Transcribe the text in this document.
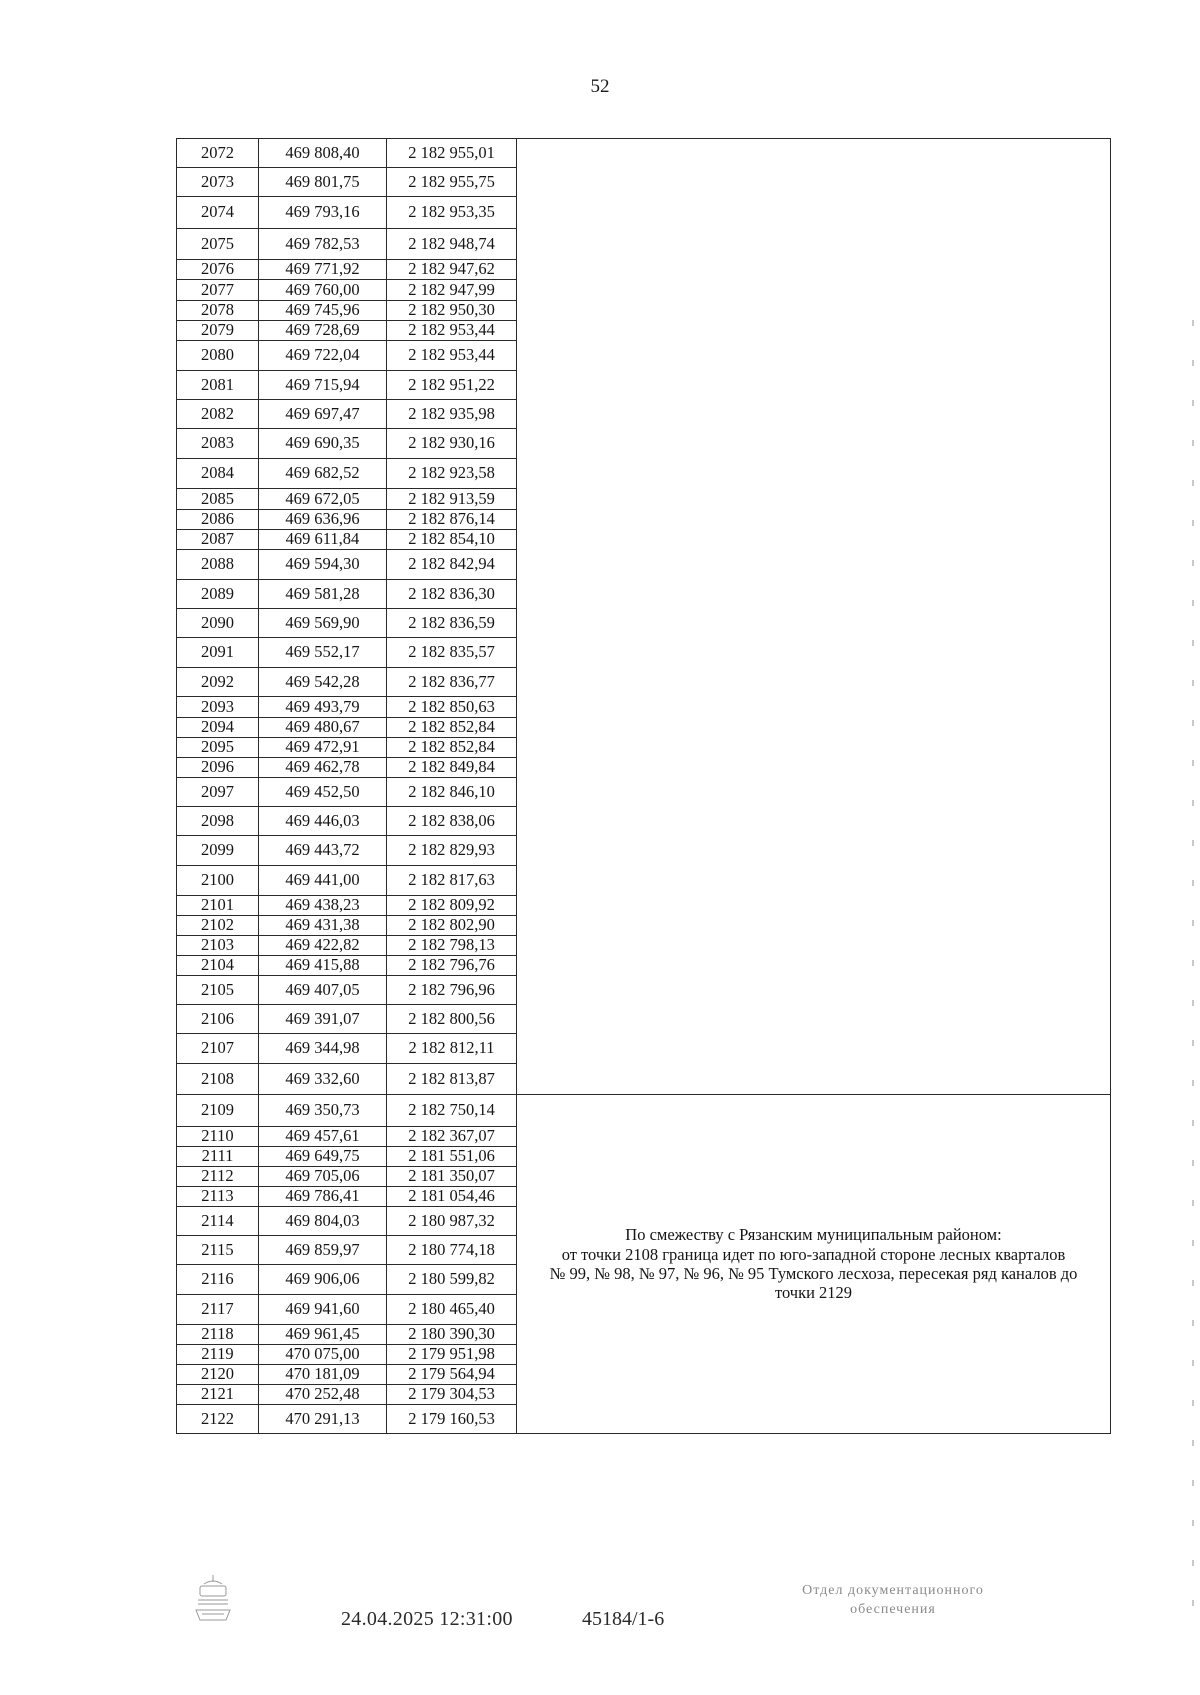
52
2072	469 808,40	2 182 955,01	
2073	469 801,75	2 182 955,75	
2074	469 793,16	2 182 953,35	
2075	469 782,53	2 182 948,74	
2076	469 771,92	2 182 947,62	
2077	469 760,00	2 182 947,99	
2078	469 745,96	2 182 950,30	
2079	469 728,69	2 182 953,44	
2080	469 722,04	2 182 953,44	
2081	469 715,94	2 182 951,22	
2082	469 697,47	2 182 935,98	
2083	469 690,35	2 182 930,16	
2084	469 682,52	2 182 923,58	
2085	469 672,05	2 182 913,59	
2086	469 636,96	2 182 876,14	
2087	469 611,84	2 182 854,10	
2088	469 594,30	2 182 842,94	
2089	469 581,28	2 182 836,30	
2090	469 569,90	2 182 836,59	
2091	469 552,17	2 182 835,57	
2092	469 542,28	2 182 836,77	
2093	469 493,79	2 182 850,63	
2094	469 480,67	2 182 852,84	
2095	469 472,91	2 182 852,84	
2096	469 462,78	2 182 849,84	
2097	469 452,50	2 182 846,10	
2098	469 446,03	2 182 838,06	
2099	469 443,72	2 182 829,93	
2100	469 441,00	2 182 817,63	
2101	469 438,23	2 182 809,92	
2102	469 431,38	2 182 802,90	
2103	469 422,82	2 182 798,13	
2104	469 415,88	2 182 796,76	
2105	469 407,05	2 182 796,96	
2106	469 391,07	2 182 800,56	
2107	469 344,98	2 182 812,11	
2108	469 332,60	2 182 813,87	
2109	469 350,73	2 182 750,14	По смежеству с Рязанским муниципальным районом:
от точки 2108 граница идет по юго-западной стороне лесных кварталов
№ 99, № 98, № 97, № 96, № 95 Тумского лесхоза, пересекая ряд каналов до
точки 2129

2110	469 457,61	2 182 367,07	
2111	469 649,75	2 181 551,06	
2112	469 705,06	2 181 350,07	
2113	469 786,41	2 181 054,46	
2114	469 804,03	2 180 987,32	
2115	469 859,97	2 180 774,18	
2116	469 906,06	2 180 599,82	
2117	469 941,60	2 180 465,40	
2118	469 961,45	2 180 390,30	
2119	470 075,00	2 179 951,98	
2120	470 181,09	2 179 564,94	
2121	470 252,48	2 179 304,53	
2122	470 291,13	2 179 160,53	
24.04.2025 12:31:00	45184/1-6
Отдел документационного
обеспечения
